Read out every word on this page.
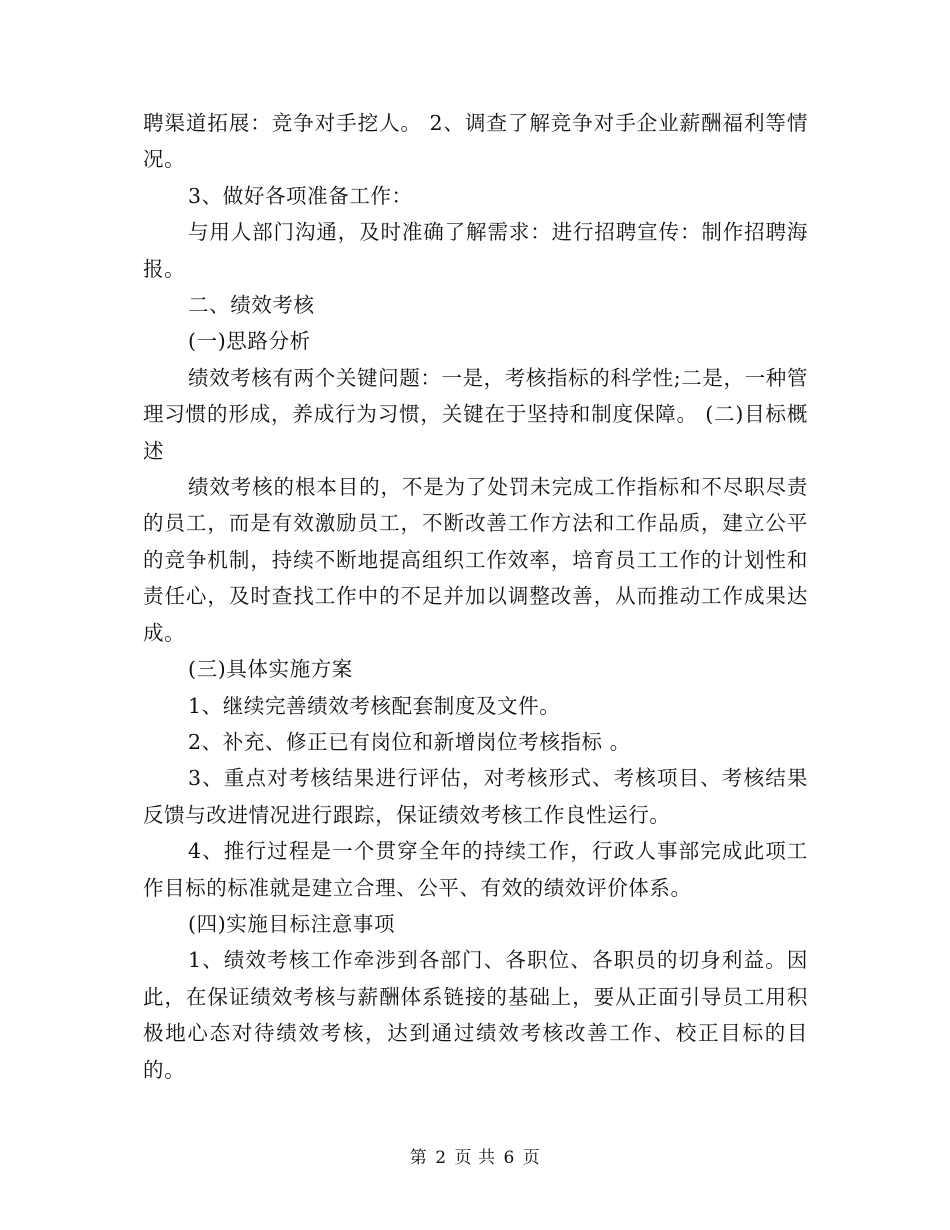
聘渠道拓展：竞争对手挖人。 2、调查了解竞争对手企业薪酬福利等情况。

3、做好各项准备工作：

与用人部门沟通，及时准确了解需求：进行招聘宣传：制作招聘海报。

二、绩效考核

(一)思路分析

绩效考核有两个关键问题：一是，考核指标的科学性;二是，一种管理习惯的形成，养成行为习惯，关键在于坚持和制度保障。 (二)目标概述

绩效考核的根本目的，不是为了处罚未完成工作指标和不尽职尽责的员工，而是有效激励员工，不断改善工作方法和工作品质，建立公平的竞争机制，持续不断地提高组织工作效率，培育员工工作的计划性和责任心，及时查找工作中的不足并加以调整改善，从而推动工作成果达成。

(三)具体实施方案

1、继续完善绩效考核配套制度及文件。

2、补充、修正已有岗位和新增岗位考核指标 。

3、重点对考核结果进行评估，对考核形式、考核项目、考核结果反馈与改进情况进行跟踪，保证绩效考核工作良性运行。

4、推行过程是一个贯穿全年的持续工作，行政人事部完成此项工作目标的标准就是建立合理、公平、有效的绩效评价体系。

(四)实施目标注意事项

1、绩效考核工作牵涉到各部门、各职位、各职员的切身利益。因此，在保证绩效考核与薪酬体系链接的基础上，要从正面引导员工用积极地心态对待绩效考核，达到通过绩效考核改善工作、校正目标的目的。

第 2 页 共 6 页
